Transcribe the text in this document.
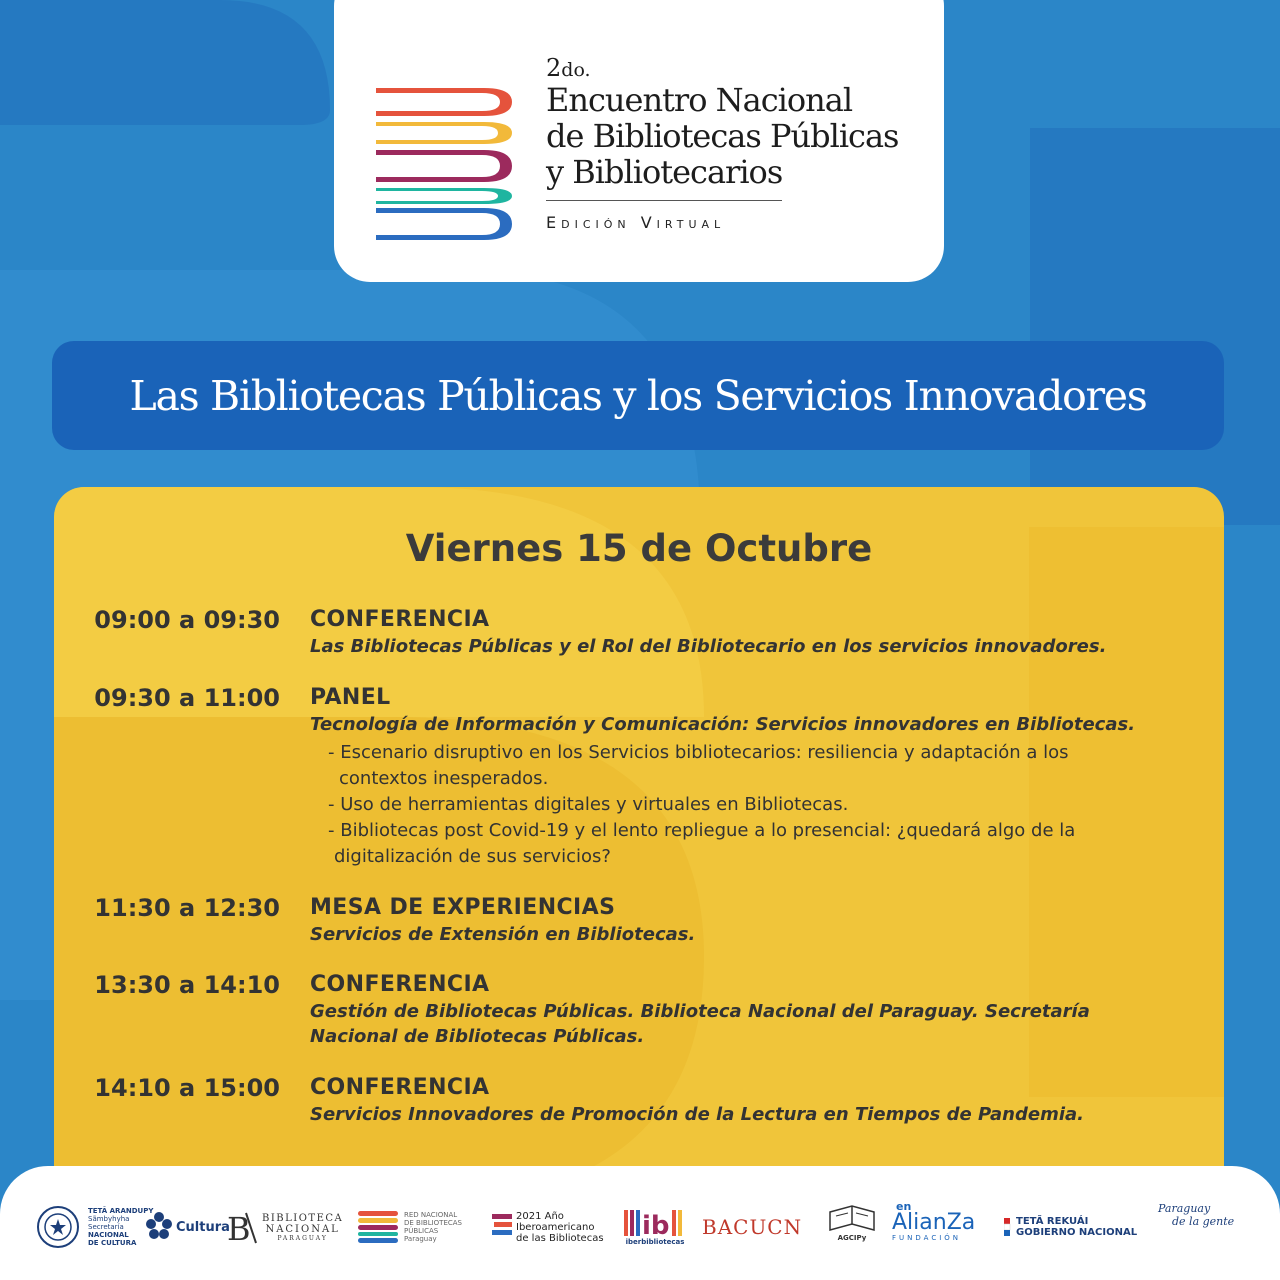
2do.
Encuentro Nacional
de Bibliotecas Públicas
y Bibliotecarios
Edición Virtual
Las Bibliotecas Públicas y los Servicios Innovadores
Viernes 15 de Octubre
09:00 a 09:30 CONFERENCIA
Las Bibliotecas Públicas y el Rol del Bibliotecario en los servicios innovadores.
09:30 a 11:00 PANEL
Tecnología de Información y Comunicación: Servicios innovadores en Bibliotecas.
- Escenario disruptivo en los Servicios bibliotecarios: resiliencia y adaptación a los
contextos inesperados.
- Uso de herramientas digitales y virtuales en Bibliotecas.
- Bibliotecas post Covid-19 y el lento repliegue a lo presencial: ¿quedará algo de la
digitalización de sus servicios?
11:30 a 12:30 MESA DE EXPERIENCIAS
Servicios de Extensión en Bibliotecas.
13:30 a 14:10 CONFERENCIA
Gestión de Bibliotecas Públicas. Biblioteca Nacional del Paraguay. Secretaría
Nacional de Bibliotecas Públicas.
14:10 a 15:00 CONFERENCIA
Servicios Innovadores de Promoción de la Lectura en Tiempos de Pandemia.
TETÃ ARANDUPY
Sãmbyhyha
Secretaría
NACIONAL
DE CULTURA
Cultura
B BIBLIOTECA
NACIONAL
PARAGUAY
RED NACIONAL
DE BIBLIOTECAS
PÚBLICAS
Paraguay
2021 Año
Iberoamericano
de las Bibliotecas ib
iberbibliotecas
BACUCN	AGCIPy
en
AlianZa
FUNDACIÓN
TETÃ REKUÁI
GOBIERNO NACIONAL
Paraguay
de la gente
